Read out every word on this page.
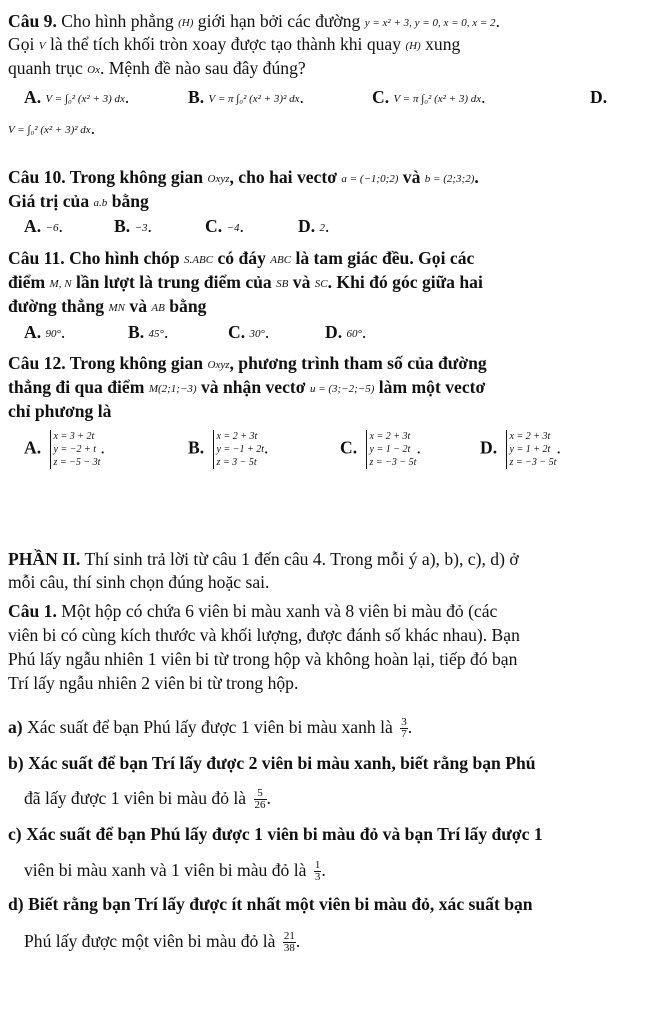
Câu 9. Cho hình phẳng (H) giới hạn bởi các đường y = x² + 3, y = 0, x = 0, x = 2.
Gọi V là thể tích khối tròn xoay được tạo thành khi quay (H) xung
quanh trục Ox. Mệnh đề nào sau đây đúng?
A. V = ∫₀² (x² + 3) dx.	B. V = π ∫₀² (x² + 3)² dx.	C. V = π ∫₀² (x² + 3) dx.	D.
V = ∫₀² (x² + 3)² dx.
Câu 10. Trong không gian Oxyz, cho hai vectơ a = (−1;0;2) và b = (2;3;2).
Giá trị của a.b bằng
A. −6.	B. −3.	C. −4.	D. 2.
Câu 11. Cho hình chóp S.ABC có đáy ABC là tam giác đều. Gọi các
điểm M, N lần lượt là trung điểm của SB và SC. Khi đó góc giữa hai
đường thẳng MN và AB bằng
A. 90°.	B. 45°.	C. 30°.	D. 60°.
Câu 12. Trong không gian Oxyz, phương trình tham số của đường
thẳng đi qua điểm M(2;1;−3) và nhận vectơ u = (3;−2;−5) làm một vectơ
chỉ phương là
A.
x = 3 + 2t
y = −2 + t
z = −5 − 3t
.	B.
x = 2 + 3t
y = −1 + 2t
z = 3 − 5t
.	C.
x = 2 + 3t
y = 1 − 2t
z = −3 − 5t
.	D.
x = 2 + 3t
y = 1 + 2t
z = −3 − 5t
.
PHẦN II. Thí sinh trả lời từ câu 1 đến câu 4. Trong mỗi ý a), b), c), d) ở
mỗi câu, thí sinh chọn đúng hoặc sai.
Câu 1. Một hộp có chứa 6 viên bi màu xanh và 8 viên bi màu đỏ (các
viên bi có cùng kích thước và khối lượng, được đánh số khác nhau). Bạn
Phú lấy ngẫu nhiên 1 viên bi từ trong hộp và không hoàn lại, tiếp đó bạn
Trí lấy ngẫu nhiên 2 viên bi từ trong hộp.
a) Xác suất để bạn Phú lấy được 1 viên bi màu xanh là $\frac{3}{7}$ .
b) Xác suất để bạn Trí lấy được 2 viên bi màu xanh, biết rằng bạn Phú
đã lấy được 1 viên bi màu đỏ là $\frac{5}{26}$ .
c) Xác suất để bạn Phú lấy được 1 viên bi màu đỏ và bạn Trí lấy được 1
viên bi màu xanh và 1 viên bi màu đỏ là $\frac{1}{3}$ .
d) Biết rằng bạn Trí lấy được ít nhất một viên bi màu đỏ, xác suất bạn
Phú lấy được một viên bi màu đỏ là $\frac{21}{38}$ .
